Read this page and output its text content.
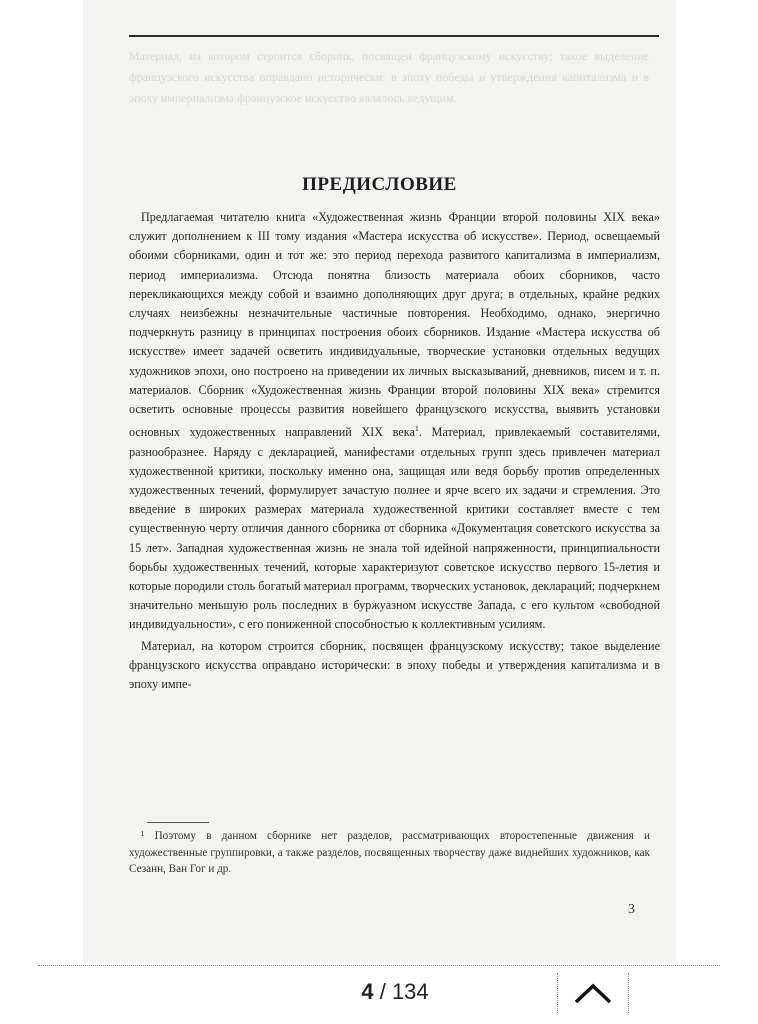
Материал, на котором строится сборник, посвящен французскому искусству; такое выделение французского искусства оправдано исторически: в эпоху победы и утверждения капитализма и в эпоху империализма французское искусство являлось ведущим.
ПРЕДИСЛОВИЕ

Предлагаемая читателю книга «Художественная жизнь Франции второй половины XIX века» служит дополнением к III тому издания «Мастера искусства об искусстве». Период, освещаемый обоими сборниками, один и тот же: это период перехода развитого капитализма в империализм, период империализма. Отсюда понятна близость материала обоих сборников, часто перекликающихся между собой и взаимно дополняющих друг друга; в отдельных, крайне редких случаях неизбежны незначительные частичные повторения. Необходимо, однако, энергично подчеркнуть разницу в принципах построения обоих сборников. Издание «Мастера искусства об искусстве» имеет задачей осветить индивидуальные, творческие установки отдельных ведущих художников эпохи, оно построено на приведении их личных высказываний, дневников, писем и т. п. материалов. Сборник «Художественная жизнь Франции второй половины XIX века» стремится осветить основные процессы развития новейшего французского искусства, выявить установки основных художественных направлений XIX века$^1$. Материал, привлекаемый составителями, разнообразнее. Наряду с декларацией, манифестами отдельных групп здесь привлечен материал художественной критики, поскольку именно она, защищая или ведя борьбу против определенных художественных течений, формулирует зачастую полнее и ярче всего их задачи и стремления. Это введение в широких размерах материала художественной критики составляет вместе с тем существенную черту отличия данного сборника от сборника «Документация советского искусства за 15 лет». Западная художественная жизнь не знала той идейной напряженности, принципиальности борьбы художественных течений, которые характеризуют советское искусство первого 15-летия и которые породили столь богатый материал программ, творческих установок, деклараций; подчеркнем значительно меньшую роль последних в буржуазном искусстве Запада, с его культом «свободной индивидуальности», с его пониженной способностью к коллективным усилиям.

Материал, на котором строится сборник, посвящен французскому искусству; такое выделение французского искусства оправдано исторически: в эпоху победы и утверждения капитализма и в эпоху импе-

¹ Поэтому в данном сборнике нет разделов, рассматривающих второстепенные движения и художественные группировки, а также разделов, посвященных творчеству даже виднейших художников, как Сезанн, Ван Гог и др.
3
4 / 134
